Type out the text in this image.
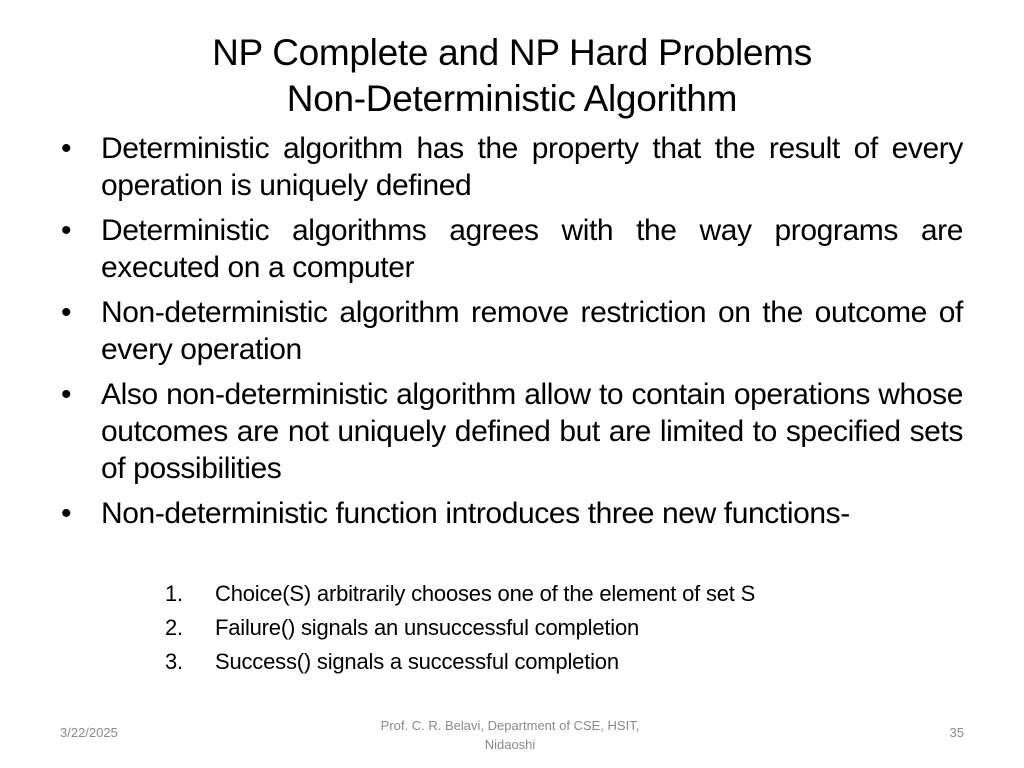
NP Complete and NP Hard Problems
Non-Deterministic Algorithm
• Deterministic algorithm has the property that the result of every operation is uniquely defined
• Deterministic algorithms agrees with the way programs are executed on a computer
• Non-deterministic algorithm remove restriction on the outcome of every operation
• Also non-deterministic algorithm allow to contain operations whose outcomes are not uniquely defined but are limited to specified sets of possibilities
• Non-deterministic function introduces three new functions-
1. Choice(S) arbitrarily chooses one of the element of set S
2. Failure() signals an unsuccessful completion
3. Success() signals a successful completion
3/22/2025	Prof. C. R. Belavi, Department of CSE, HSIT,
Nidaoshi
35
